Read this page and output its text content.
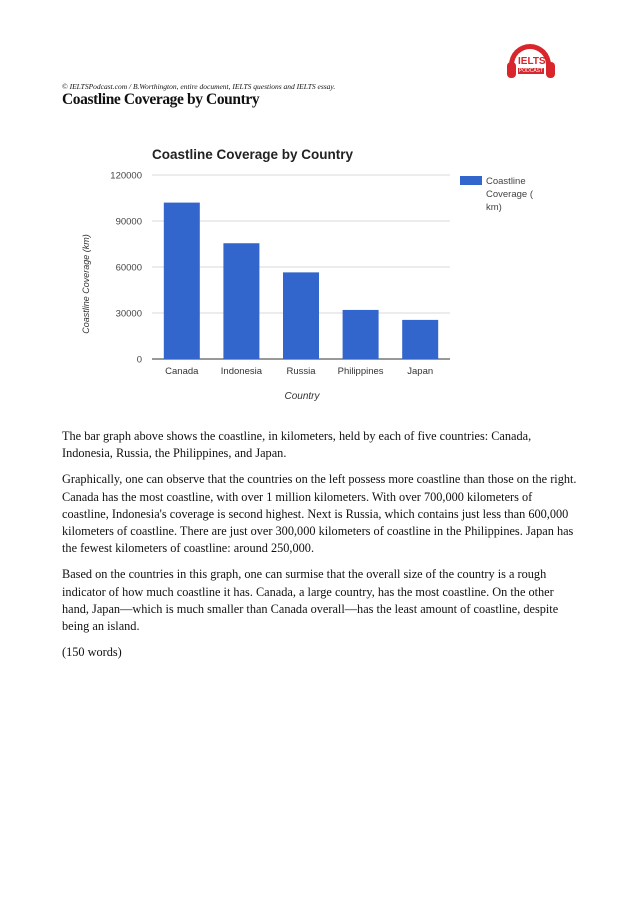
IELTS
PODCAST
© IELTSPodcast.com / B.Worthington, entire document, IELTS questions and IELTS essay.
Coastline Coverage by Country
Coastline Coverage by Country
Canada Indonesia	Russia Philippines Japan
0
30000
60000
90000
120000
Country
Coastline Coverage (km)
Coastline Coverage ( km)

The bar graph above shows the coastline, in kilometers, held by each of five countries: Canada, Indonesia, Russia, the Philippines, and Japan.

Graphically, one can observe that the countries on the left possess more coastline than those on the right. Canada has the most coastline, with over 1 million kilometers. With over 700,000 kilometers of coastline, Indonesia's coverage is second highest. Next is Russia, which contains just less than 600,000 kilometers of coastline. There are just over 300,000 kilometers of coastline in the Philippines. Japan has the fewest kilometers of coastline: around 250,000.

Based on the countries in this graph, one can surmise that the overall size of the country is a rough indicator of how much coastline it has. Canada, a large country, has the most coastline. On the other hand, Japan—which is much smaller than Canada overall—has the least amount of coastline, despite being an island.

(150 words)
